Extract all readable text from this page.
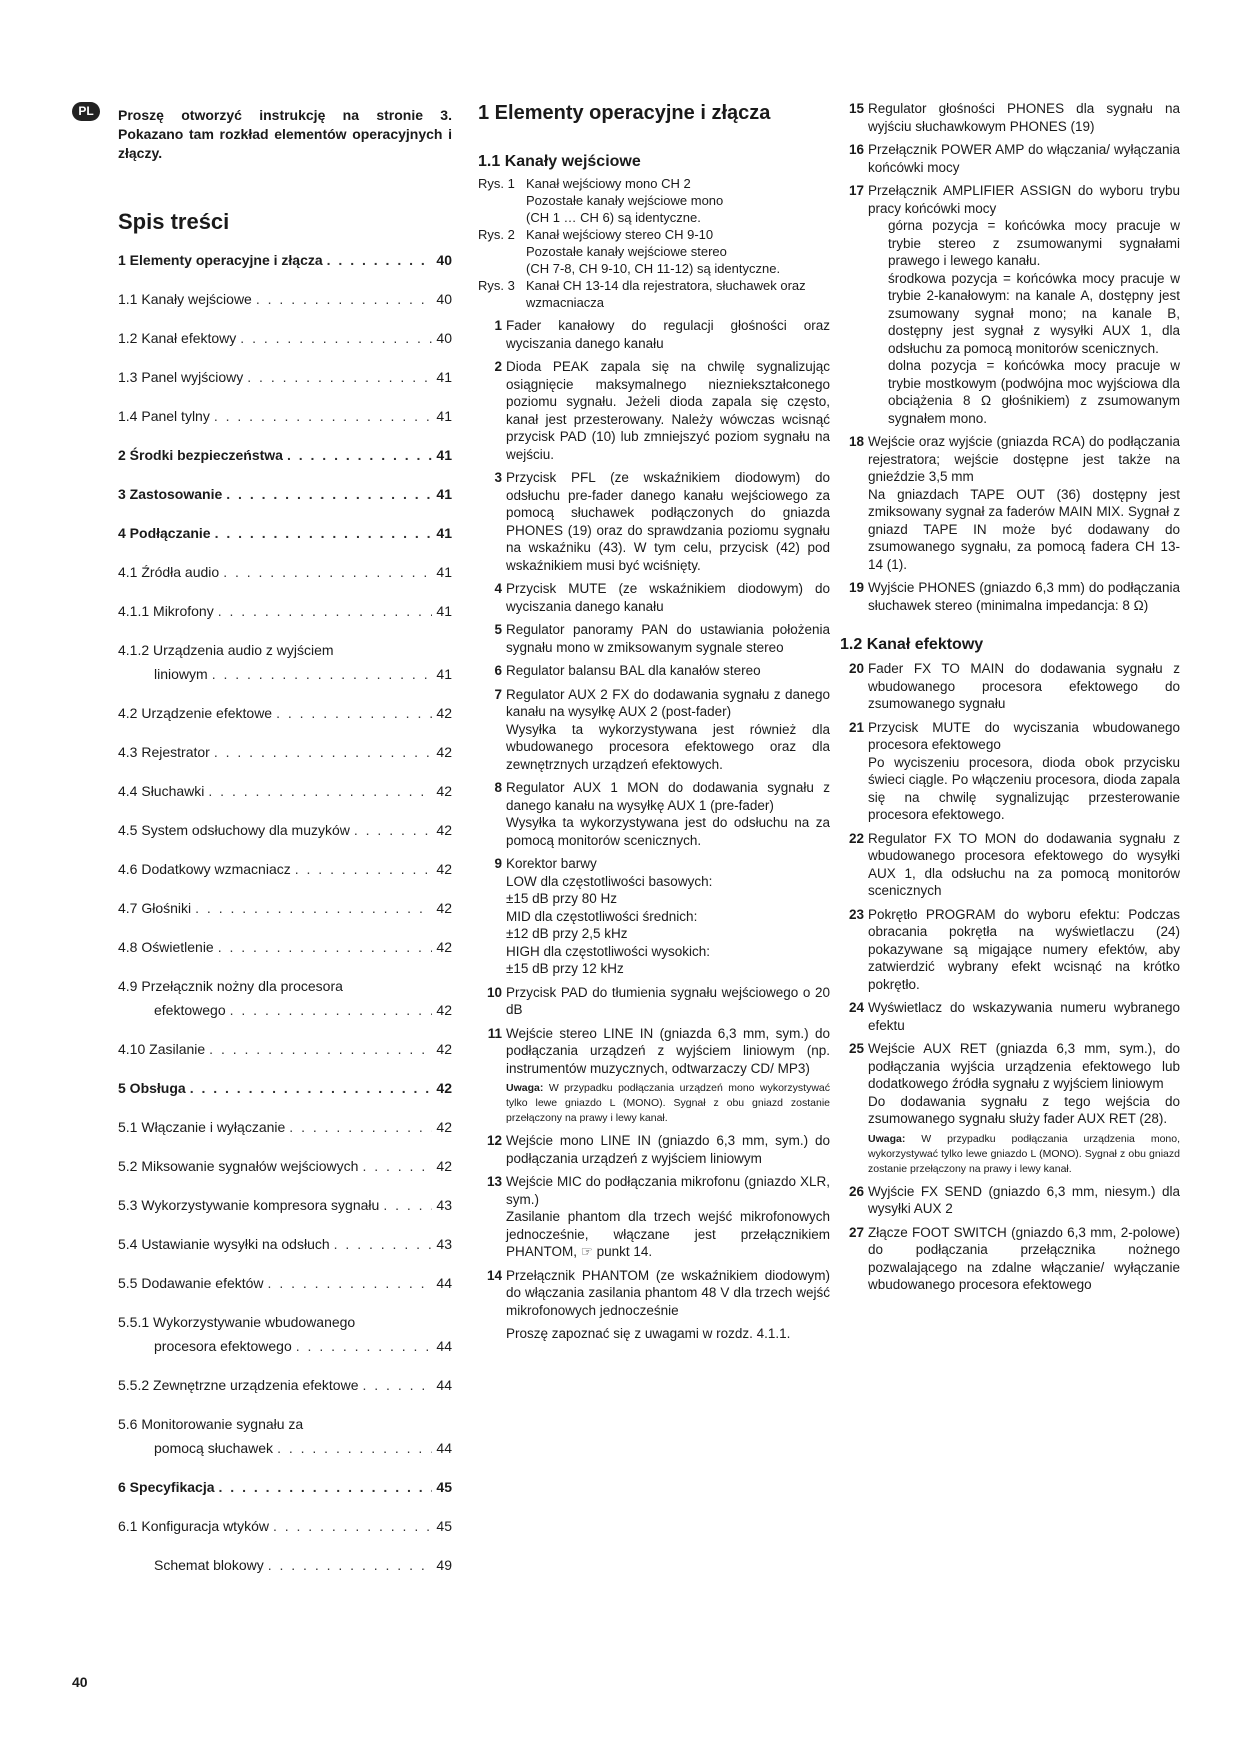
PL	Proszę otworzyć instrukcję na stronie 3. Pokazano tam rozkład elementów operacyjnych i złączy.
Spis treści
1 Elementy operacyjne i złącza . . .	40
1.1 Kanały wejściowe . . .	40
1.2 Kanał efektowy . . .	40
1.3 Panel wyjściowy . . .	41
1.4 Panel tylny . . .	41
2 Środki bezpieczeństwa . . .	41
3 Zastosowanie . . .	41
4 Podłączanie . . .	41
4.1 Źródła audio . . .	41
4.1.1 Mikrofony . . .	41
4.1.2 Urządzenia audio z wyjściem
liniowym . . .	41
4.2 Urządzenie efektowe . . .	42
4.3 Rejestrator . . .	42
4.4 Słuchawki . . .	42
4.5 System odsłuchowy dla muzyków . . .	42
4.6 Dodatkowy wzmacniacz . . .	42
4.7 Głośniki . . .	42
4.8 Oświetlenie . . .	42
4.9 Przełącznik nożny dla procesora
efektowego . . .	42
4.10 Zasilanie . . .	42
5 Obsługa . . .	42
5.1 Włączanie i wyłączanie . . .	42
5.2 Miksowanie sygnałów wejściowych . . .	42
5.3 Wykorzystywanie kompresora sygnału . . .	43
5.4 Ustawianie wysyłki na odsłuch . . .	43
5.5 Dodawanie efektów . . .	44
5.5.1 Wykorzystywanie wbudowanego
procesora efektowego . . .	44
5.5.2 Zewnętrzne urządzenia efektowe . . .	44
5.6 Monitorowanie sygnału za
pomocą słuchawek . . .	44
6 Specyfikacja . . .	45
6.1 Konfiguracja wtyków . . .	45
Schemat blokowy . . .	49
1 Elementy operacyjne i złącza
1.1 Kanały wejściowe
Rys. 1 Kanał wejściowy mono CH 2
Pozostałe kanały wejściowe mono
(CH 1 … CH 6) są identyczne.
Rys. 2 Kanał wejściowy stereo CH 9-10
Pozostałe kanały wejściowe stereo
(CH 7-8, CH 9-10, CH 11-12) są identyczne.
Rys. 3 Kanał CH 13-14 dla rejestratora, słuchawek oraz wzmacniacza
1 Fader kanałowy do regulacji głośności oraz wyciszania danego kanału

2 Dioda PEAK zapala się na chwilę sygnalizując osiągnięcie maksymalnego niezniekształconego poziomu sygnału. Jeżeli dioda zapala się często, kanał jest przesterowany. Należy wówczas wcisnąć przycisk PAD (10) lub zmniejszyć poziom sygnału na wejściu.

3 Przycisk PFL (ze wskaźnikiem diodowym) do odsłuchu pre-fader danego kanału wejściowego za pomocą słuchawek podłączonych do gniazda PHONES (19) oraz do sprawdzania poziomu sygnału na wskaźniku (43). W tym celu, przycisk (42) pod wskaźnikiem musi być wciśnięty.

4 Przycisk MUTE (ze wskaźnikiem diodowym) do wyciszania danego kanału

5 Regulator panoramy PAN do ustawiania położenia sygnału mono w zmiksowanym sygnale stereo

6 Regulator balansu BAL dla kanałów stereo

7 Regulator AUX 2 FX do dodawania sygnału z danego kanału na wysyłkę AUX 2 (post-fader)

Wysyłka ta wykorzystywana jest również dla wbudowanego procesora efektowego oraz dla zewnętrznych urządzeń efektowych.

8 Regulator AUX 1 MON do dodawania sygnału z danego kanału na wysyłkę AUX 1 (pre-fader)

Wysyłka ta wykorzystywana jest do odsłuchu na za pomocą monitorów scenicznych.

9 Korektor barwy

LOW dla częstotliwości basowych:

±15 dB przy 80 Hz

MID dla częstotliwości średnich:

±12 dB przy 2,5 kHz

HIGH dla częstotliwości wysokich:

±15 dB przy 12 kHz

10 Przycisk PAD do tłumienia sygnału wejściowego o 20 dB

11 Wejście stereo LINE IN (gniazda 6,3 mm, sym.) do podłączania urządzeń z wyjściem liniowym (np. instrumentów muzycznych, odtwarzaczy CD/ MP3)

Uwaga: W przypadku podłączania urządzeń mono wykorzystywać tylko lewe gniazdo L (MONO). Sygnał z obu gniazd zostanie przełączony na prawy i lewy kanał.

12 Wejście mono LINE IN (gniazdo 6,3 mm, sym.) do podłączania urządzeń z wyjściem liniowym

13 Wejście MIC do podłączania mikrofonu (gniazdo XLR, sym.)

Zasilanie phantom dla trzech wejść mikrofonowych jednocześnie, włączane jest przełącznikiem PHANTOM, ☞ punkt 14.

14 Przełącznik PHANTOM (ze wskaźnikiem diodowym) do włączania zasilania phantom 48 V dla trzech wejść mikrofonowych jednocześnie

Proszę zapoznać się z uwagami w rozdz. 4.1.1.
15 Regulator głośności PHONES dla sygnału na wyjściu słuchawkowym PHONES (19)

16 Przełącznik POWER AMP do włączania/ wyłączania końcówki mocy

17 Przełącznik AMPLIFIER ASSIGN do wyboru trybu pracy końcówki mocy

górna pozycja = końcówka mocy pracuje w trybie stereo z zsumowanymi sygnałami prawego i lewego kanału.

środkowa pozycja = końcówka mocy pracuje w trybie 2-kanałowym: na kanale A, dostępny jest zsumowany sygnał mono; na kanale B, dostępny jest sygnał z wysyłki AUX 1, dla odsłuchu za pomocą monitorów scenicznych.

dolna pozycja = końcówka mocy pracuje w trybie mostkowym (podwójna moc wyjściowa dla obciążenia 8 Ω głośnikiem) z zsumowanym sygnałem mono.

18 Wejście oraz wyjście (gniazda RCA) do podłączania rejestratora; wejście dostępne jest także na gnieździe 3,5 mm

Na gniazdach TAPE OUT (36) dostępny jest zmiksowany sygnał za faderów MAIN MIX. Sygnał z gniazd TAPE IN może być dodawany do zsumowanego sygnału, za pomocą fadera CH 13-14 (1).

19 Wyjście PHONES (gniazdo 6,3 mm) do podłączania słuchawek stereo (minimalna impedancja: 8 Ω)

1.2 Kanał efektowy
20 Fader FX TO MAIN do dodawania sygnału z wbudowanego procesora efektowego do zsumowanego sygnału

21 Przycisk MUTE do wyciszania wbudowanego procesora efektowego

Po wyciszeniu procesora, dioda obok przycisku świeci ciągle. Po włączeniu procesora, dioda zapala się na chwilę sygnalizując przesterowanie procesora efektowego.

22 Regulator FX TO MON do dodawania sygnału z wbudowanego procesora efektowego do wysyłki AUX 1, dla odsłuchu na za pomocą monitorów scenicznych

23 Pokrętło PROGRAM do wyboru efektu: Podczas obracania pokrętła na wyświetlaczu (24) pokazywane są migające numery efektów, aby zatwierdzić wybrany efekt wcisnąć na krótko pokrętło.

24 Wyświetlacz do wskazywania numeru wybranego efektu

25 Wejście AUX RET (gniazda 6,3 mm, sym.), do podłączania wyjścia urządzenia efektowego lub dodatkowego źródła sygnału z wyjściem liniowym

Do dodawania sygnału z tego wejścia do zsumowanego sygnału służy fader AUX RET (28).

Uwaga: W przypadku podłączania urządzenia mono, wykorzystywać tylko lewe gniazdo L (MONO). Sygnał z obu gniazd zostanie przełączony na prawy i lewy kanał.

26 Wyjście FX SEND (gniazdo 6,3 mm, niesym.) dla wysyłki AUX 2

27 Złącze FOOT SWITCH (gniazdo 6,3 mm, 2-polowe) do podłączania przełącznika nożnego pozwalającego na zdalne włączanie/ wyłączanie wbudowanego procesora efektowego

40
